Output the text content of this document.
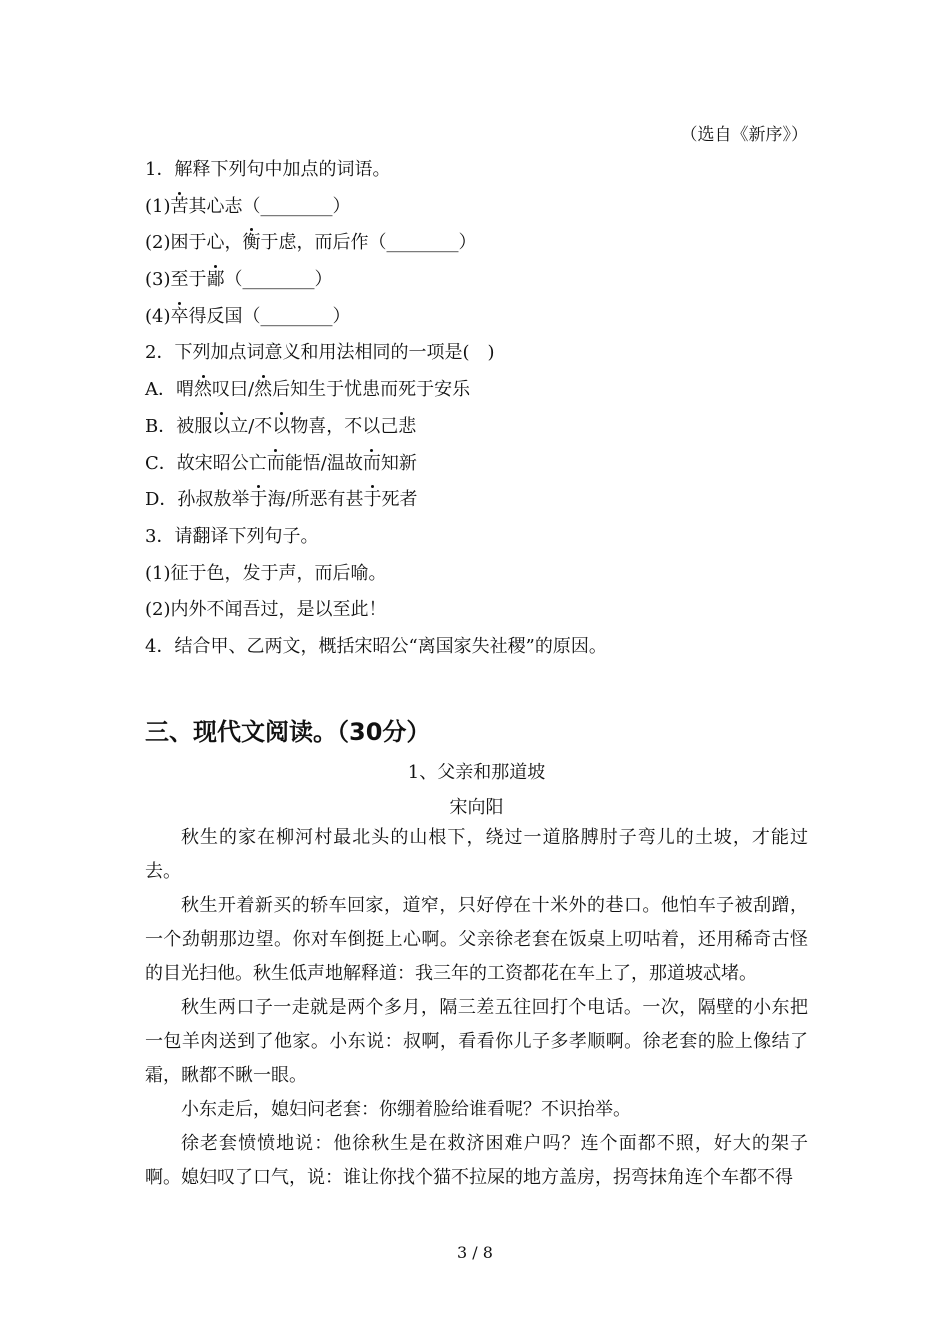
（选自《新序》）
1．解释下列句中加点的词语。
(1)苦其心志（________）
(2)困于心，衡于虑，而后作（________）
(3)至于鄙（________）
(4)卒得反国（________）
2．下列加点词意义和用法相同的一项是(　)
A．喟然叹曰/然后知生于忧患而死于安乐
B．被服以立/不以物喜，不以己悲
C．故宋昭公亡而能悟/温故而知新
D．孙叔敖举于海/所恶有甚于死者
3．请翻译下列句子。
(1)征于色，发于声，而后喻。
(2)内外不闻吾过，是以至此！
4．结合甲、乙两文，概括宋昭公“离国家失社稷”的原因。
三、现代文阅读。（30分）
1、父亲和那道坡
宋向阳

秋生的家在柳河村最北头的山根下，绕过一道胳膊肘子弯儿的土坡，才能过去。

秋生开着新买的轿车回家，道窄，只好停在十米外的巷口。他怕车子被刮蹭，一个劲朝那边望。你对车倒挺上心啊。父亲徐老套在饭桌上叨咕着，还用稀奇古怪的目光扫他。秋生低声地解释道：我三年的工资都花在车上了，那道坡忒堵。

秋生两口子一走就是两个多月，隔三差五往回打个电话。一次，隔壁的小东把一包羊肉送到了他家。小东说：叔啊，看看你儿子多孝顺啊。徐老套的脸上像结了霜，瞅都不瞅一眼。

小东走后，媳妇问老套：你绷着脸给谁看呢？不识抬举。

徐老套愤愤地说：他徐秋生是在救济困难户吗？连个面都不照，好大的架子啊。媳妇叹了口气，说：谁让你找个猫不拉屎的地方盖房，拐弯抹角连个车都不得

3 / 8
